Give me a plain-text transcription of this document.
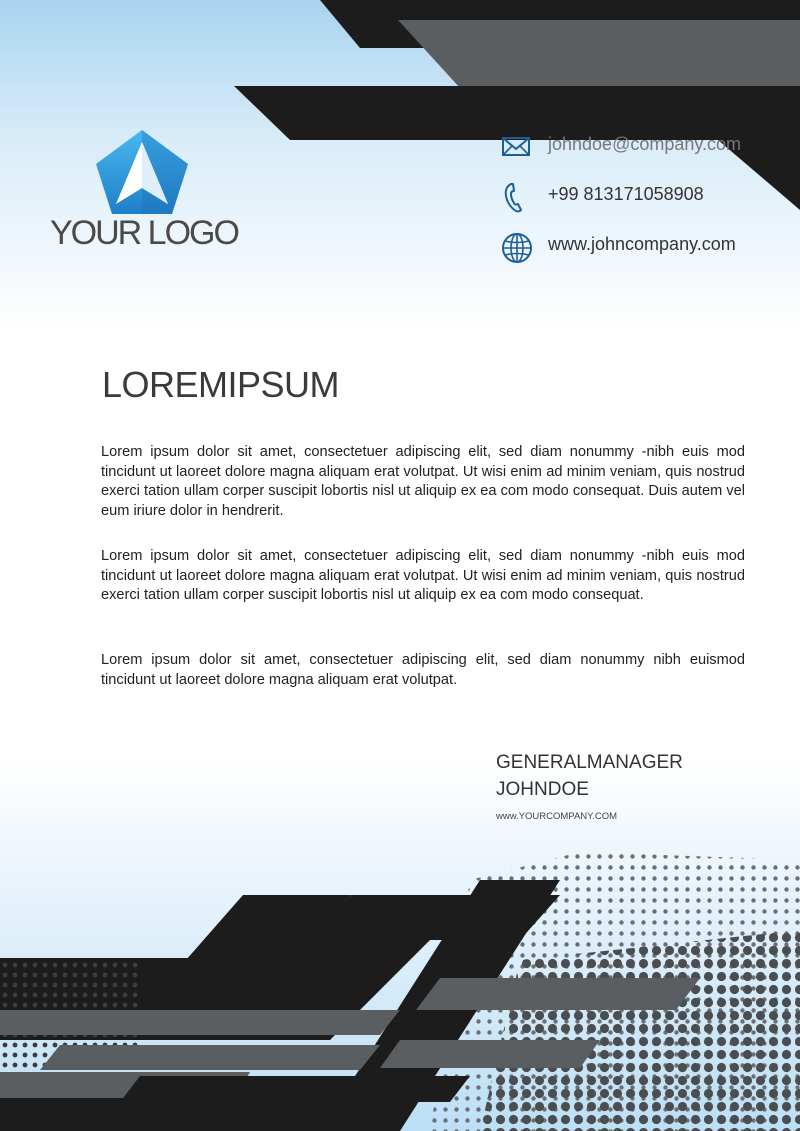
YOUR LOGO
johndoe@company.com
+99 813171058908
www.johncompany.com
LOREMIPSUM

Lorem ipsum dolor sit amet, consectetuer adipiscing elit, sed diam nonummy -nibh euis mod tincidunt ut laoreet dolore magna aliquam erat volutpat. Ut wisi enim ad minim veniam, quis nostrud exerci tation ullam corper suscipit lobortis nisl ut aliquip ex ea com modo consequat. Duis autem vel eum iriure dolor in hendrerit.

Lorem ipsum dolor sit amet, consectetuer adipiscing elit, sed diam nonummy -nibh euis mod tincidunt ut laoreet dolore magna aliquam erat volutpat. Ut wisi enim ad minim veniam, quis nostrud exerci tation ullam corper suscipit lobortis nisl ut aliquip ex ea com modo consequat.

Lorem ipsum dolor sit amet, consectetuer adipiscing elit, sed diam nonummy nibh euismod tincidunt ut laoreet dolore magna aliquam erat volutpat.

GENERALMANAGER
JOHNDOE
www.YOURCOMPANY.COM
